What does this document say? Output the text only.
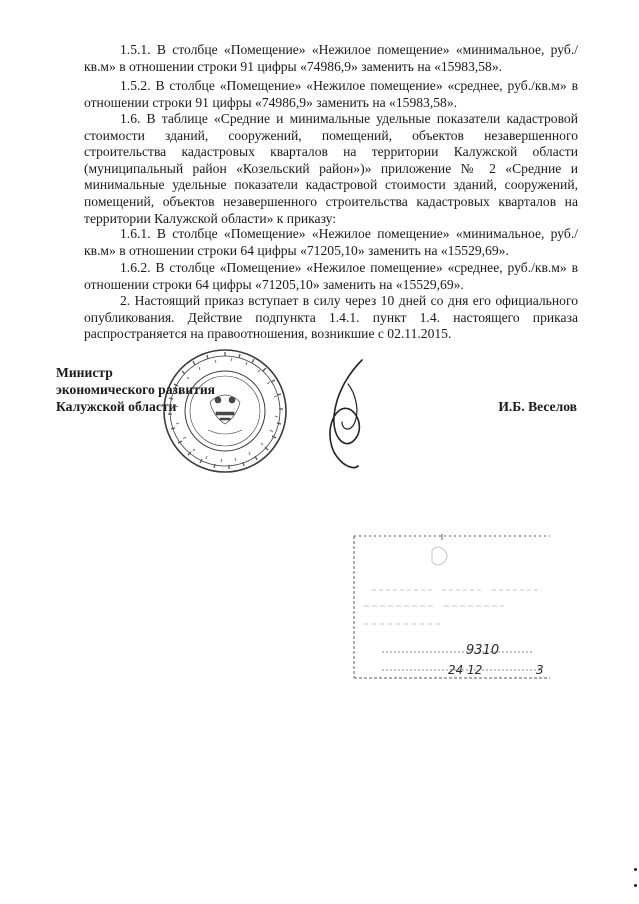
1.5.1. В столбце «Помещение» «Нежилое помещение» «минимальное, руб./кв.м» в отношении строки 91 цифры «74986,9» заменить на «15983,58».

1.5.2. В столбце «Помещение» «Нежилое помещение» «среднее, руб./кв.м» в отношении строки 91 цифры «74986,9» заменить на «15983,58».

1.6. В таблице «Средние и минимальные удельные показатели кадастровой стоимости зданий, сооружений, помещений, объектов незавершенного строительства кадастровых кварталов на территории Калужской области (муниципальный район «Козельский район»)» приложение № 2 «Средние и минимальные удельные показатели кадастровой стоимости зданий, сооружений, помещений, объектов незавершенного строительства кадастровых кварталов на территории Калужской области» к приказу:

1.6.1. В столбце «Помещение» «Нежилое помещение» «минимальное, руб./кв.м» в отношении строки 64 цифры «71205,10» заменить на «15529,69».

1.6.2. В столбце «Помещение» «Нежилое помещение» «среднее, руб./кв.м» в отношении строки 64 цифры «71205,10» заменить на «15529,69».

2. Настоящий приказ вступает в силу через 10 дней со дня его официального опубликования. Действие подпункта 1.4.1. пункт 1.4. настоящего приказа распространяется на правоотношения, возникшие с 02.11.2015.

Министр
экономического развития
Калужской области	И.Б. Веселов
9310
24 12	3
